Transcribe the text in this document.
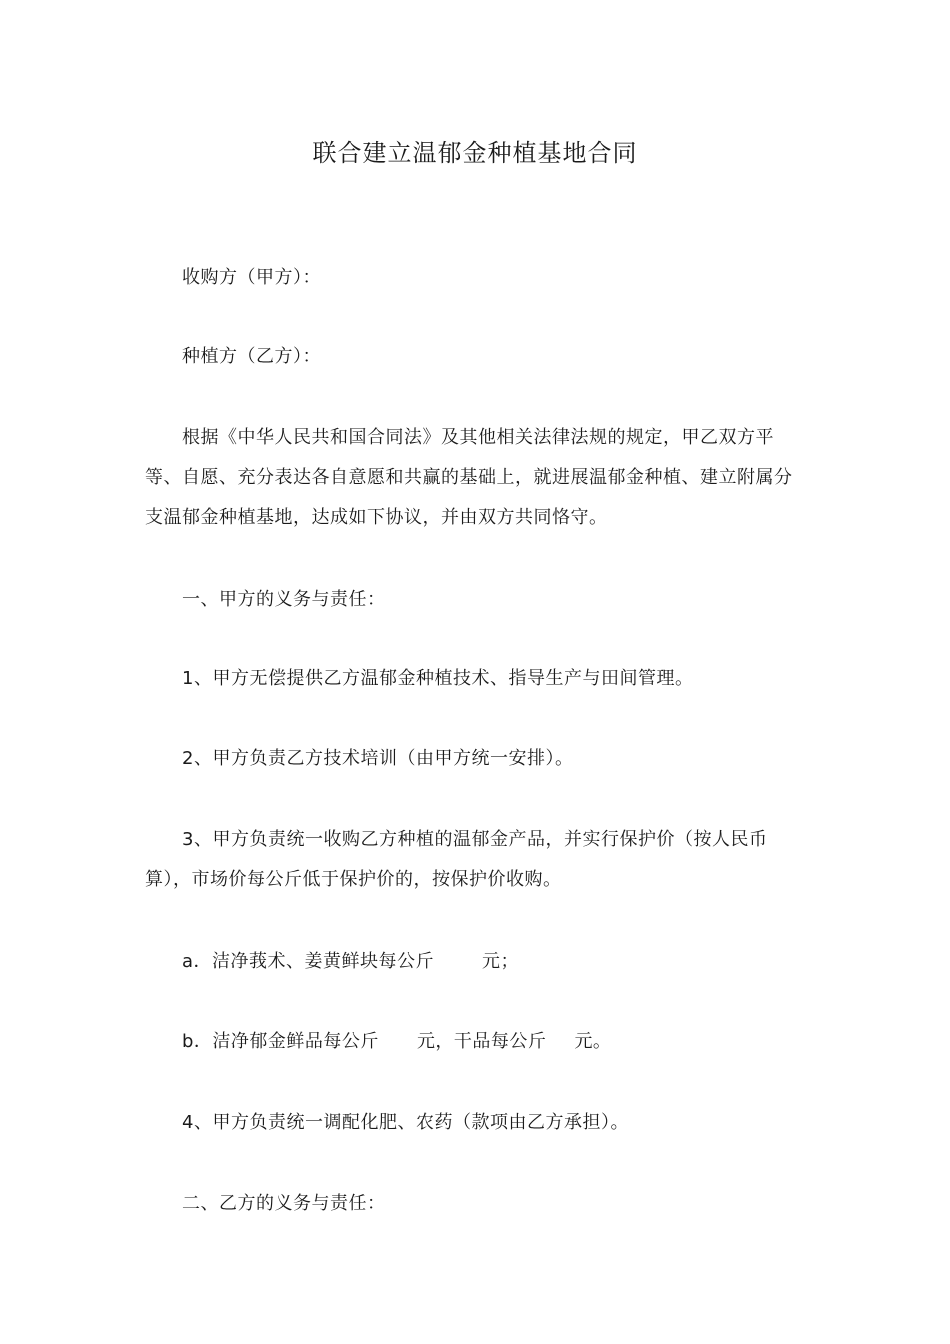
联合建立温郁金种植基地合同

收购方（甲方）：

种植方（乙方）：

根据《中华人民共和国合同法》及其他相关法律法规的规定，甲乙双方平等、自愿、充分表达各自意愿和共赢的基础上，就进展温郁金种植、建立附属分支温郁金种植基地，达成如下协议，并由双方共同恪守。

一、甲方的义务与责任：

1、甲方无偿提供乙方温郁金种植技术、指导生产与田间管理。

2、甲方负责乙方技术培训（由甲方统一安排）。

3、甲方负责统一收购乙方种植的温郁金产品，并实行保护价（按人民币算），市场价每公斤低于保护价的，按保护价收购。

a．洁净莪术、姜黄鲜块每公斤	元；

b．洁净郁金鲜品每公斤 元，干品每公斤 元。

4、甲方负责统一调配化肥、农药（款项由乙方承担）。

二、乙方的义务与责任：
